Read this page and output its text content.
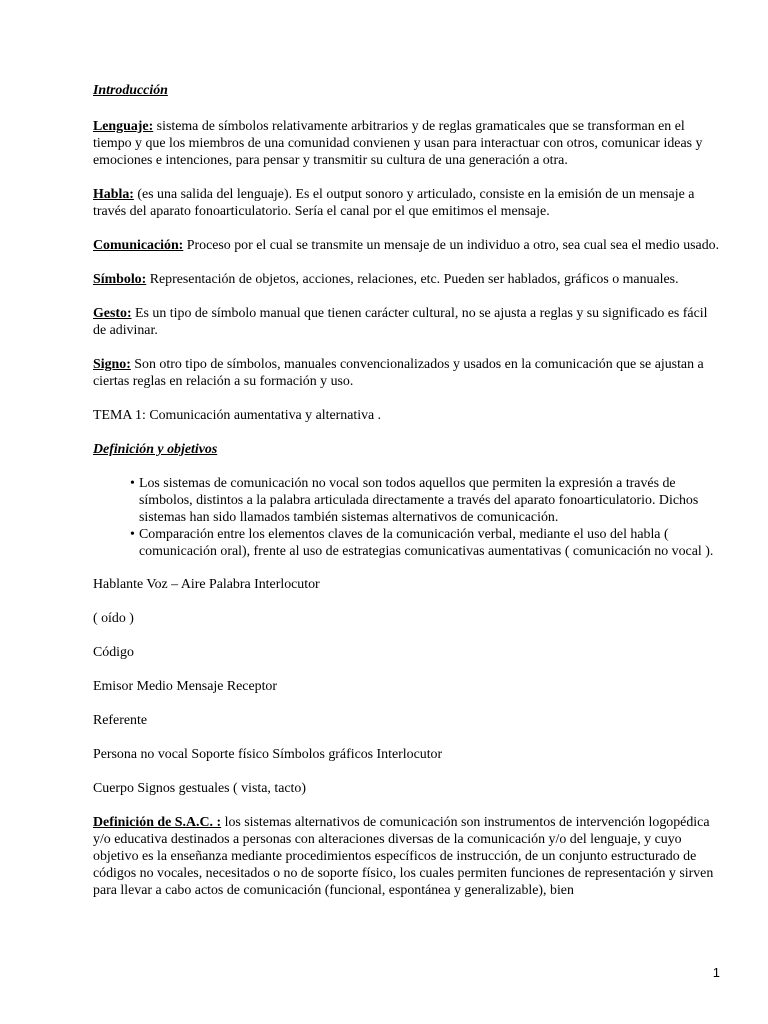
Introducción

Lenguaje: sistema de símbolos relativamente arbitrarios y de reglas gramaticales que se transforman en el tiempo y que los miembros de una comunidad convienen y usan para interactuar con otros, comunicar ideas y emociones e intenciones, para pensar y transmitir su cultura de una generación a otra.

Habla: (es una salida del lenguaje). Es el output sonoro y articulado, consiste en la emisión de un mensaje a través del aparato fonoarticulatorio. Sería el canal por el que emitimos el mensaje.

Comunicación: Proceso por el cual se transmite un mensaje de un individuo a otro, sea cual sea el medio usado.

Símbolo: Representación de objetos, acciones, relaciones, etc. Pueden ser hablados, gráficos o manuales.

Gesto: Es un tipo de símbolo manual que tienen carácter cultural, no se ajusta a reglas y su significado es fácil de adivinar.

Signo: Son otro tipo de símbolos, manuales convencionalizados y usados en la comunicación que se ajustan a ciertas reglas en relación a su formación y uso.

TEMA 1: Comunicación aumentativa y alternativa .

Definición y objetivos

• Los sistemas de comunicación no vocal son todos aquellos que permiten la expresión a través de símbolos, distintos a la palabra articulada directamente a través del aparato fonoarticulatorio. Dichos sistemas han sido llamados también sistemas alternativos de comunicación.
• Comparación entre los elementos claves de la comunicación verbal, mediante el uso del habla ( comunicación oral), frente al uso de estrategias comunicativas aumentativas ( comunicación no vocal ).

Hablante Voz – Aire Palabra Interlocutor

( oído )

Código

Emisor Medio Mensaje Receptor

Referente

Persona no vocal Soporte físico Símbolos gráficos Interlocutor

Cuerpo Signos gestuales ( vista, tacto)

Definición de S.A.C. : los sistemas alternativos de comunicación son instrumentos de intervención logopédica y/o educativa destinados a personas con alteraciones diversas de la comunicación y/o del lenguaje, y cuyo objetivo es la enseñanza mediante procedimientos específicos de instrucción, de un conjunto estructurado de códigos no vocales, necesitados o no de soporte físico, los cuales permiten funciones de representación y sirven para llevar a cabo actos de comunicación (funcional, espontánea y generalizable), bien

1
